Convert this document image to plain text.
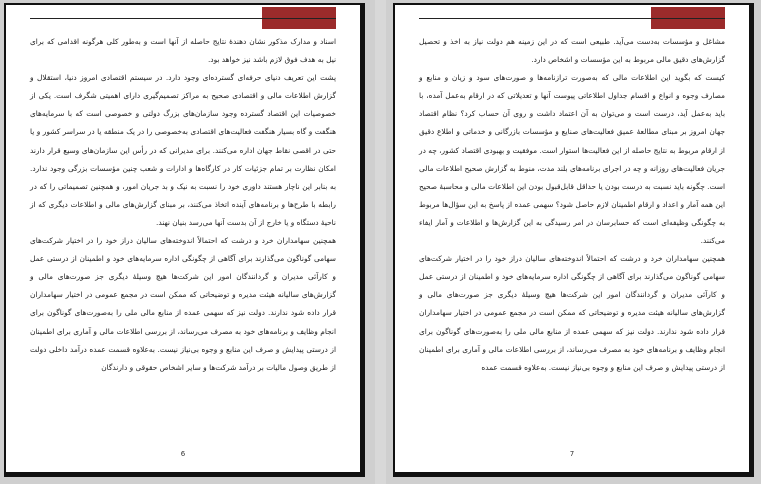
اسناد و مدارک مذکور نشان دهندهٔ نتایج حاصله از آنها است و به‌طور کلی هرگونه اقدامی که برای نیل به هدف فوق لازم باشد نیز خواهد بود.

پشت این تعریف دنیای حرفه‌ای گسترده‌ای وجود دارد. در سیستم اقتصادی امروز دنیا، استقلال و گزارش اطلاعات مالی و اقتصادی صحیح به مراکز تصمیم‌گیری دارای اهمیتی شگرف است. یکی از خصوصیات این اقتصاد گسترده وجود سازمان‌های بزرگ دولتی و خصوصی است که با سرمایه‌های هنگفت و گاه بسیار هنگفت فعالیت‌های اقتصادی به‌خصوصی را در یک منطقه یا در سراسر کشور و یا حتی در اقصی نقاط جهان اداره می‌کنند. برای مدیرانی که در رأس این سازمان‌های وسیع قرار دارند امکان نظارت بر تمام جزئیات کار در کارگاه‌ها و ادارات و شعب چنین مؤسسات بزرگی وجود ندارد. به بنابر این ناچار هستند داوری خود را نسبت به نیک و بد جریان امور، و همچنین تصمیماتی را که در رابطه با طرح‌ها و برنامه‌های آینده اتخاذ می‌کنند، بر مبنای گزارش‌های مالی و اطلاعات دیگری که از ناحیهٔ دستگاه و یا خارج از آن بدست آنها می‌رسد بنیان نهند.

همچنین سهامداران خرد و درشت که احتمالاً اندوخته‌های سالیان دراز خود را در اختیار شرکت‌های سهامی گوناگون می‌گذارند برای آگاهی از چگونگی اداره سرمایه‌های خود و اطمینان از درستی عمل و کارآئی مدیران و گردانندگان امور این شرکت‌ها هیچ وسیلهٔ دیگری جز صورت‌های مالی و گزارش‌های سالیانه هیئت مدیره و توضیحاتی که ممکن است در مجمع عمومی در اختیار سهامداران قرار داده شود ندارند. دولت نیز که سهمی عمده از منابع مالی ملی را به‌صورت‌های گوناگون برای انجام وظایف و برنامه‌های خود به مصرف می‌رساند، از بررسی اطلاعات مالی و آماری برای اطمینان از درستی پیدایش و صرف این منابع و وجوه بی‌نیاز نیست. به‌علاوه قسمت عمده درآمد داخلی دولت از طریق وصول مالیات بر درآمد شرکت‌ها و سایر اشخاص حقوقی و دارندگان

6

مشاغل و مؤسسات به‌دست می‌آید. طبیعی است که در این زمینه هم دولت نیاز به اخذ و تحصیل گزارش‌های دقیق مالی مربوط به این مؤسسات و اشخاص دارد.

کیست که بگوید این اطلاعات مالی که به‌صورت ترازنامه‌ها و صورت‌های سود و زیان و منابع و مصارف وجوه و انواع و اقسام جداول اطلاعاتی پیوست آنها و تعدیلاتی که در ارقام به‌عمل آمده، با باید به‌عمل آید، درست است و می‌توان به آن اعتماد داشت و روی آن حساب کرد؟ نظام اقتصاد جهان امروز بر مبنای مطالعهٔ عمیق فعالیت‌های صنایع و مؤسسات بازرگانی و خدماتی و اطلاع دقیق از ارقام مربوط به نتایج حاصله از این فعالیت‌ها استوار است. موفقیت و بهبودی اقتصاد کشور، چه در جریان فعالیت‌های روزانه و چه در اجرای برنامه‌های بلند مدت، منوط به گزارش صحیح اطلاعات مالی است. چگونه باید نسبت به درست بودن یا حداقل قابل‌قبول بودن این اطلاعات مالی و محاسبهٔ صحیح این همه آمار و اعداد و ارقام اطمینان لازم حاصل شود؟ سهمی عمده از پاسخ به این سؤال‌ها مربوط به چگونگی وظیفه‌ای است که حسابرسان در امر رسیدگی به این گزارش‌ها و اطلاعات و آمار ایفاء می‌کنند.

همچنین سهامداران خرد و درشت که احتمالاً اندوخته‌های سالیان دراز خود را در اختیار شرکت‌های سهامی گوناگون می‌گذارند برای آگاهی از چگونگی اداره سرمایه‌های خود و اطمینان از درستی عمل و کارآئی مدیران و گردانندگان امور این شرکت‌ها هیچ وسیلهٔ دیگری جز صورت‌های مالی و گزارش‌های سالیانه هیئت مدیره و توضیحاتی که ممکن است در مجمع عمومی در اختیار سهامداران قرار داده شود ندارند. دولت نیز که سهمی عمده از منابع مالی ملی را به‌صورت‌های گوناگون برای انجام وظایف و برنامه‌های خود به مصرف می‌رساند، از بررسی اطلاعات مالی و آماری برای اطمینان از درستی پیدایش و صرف این منابع و وجوه بی‌نیاز نیست. به‌علاوه قسمت عمده

7
